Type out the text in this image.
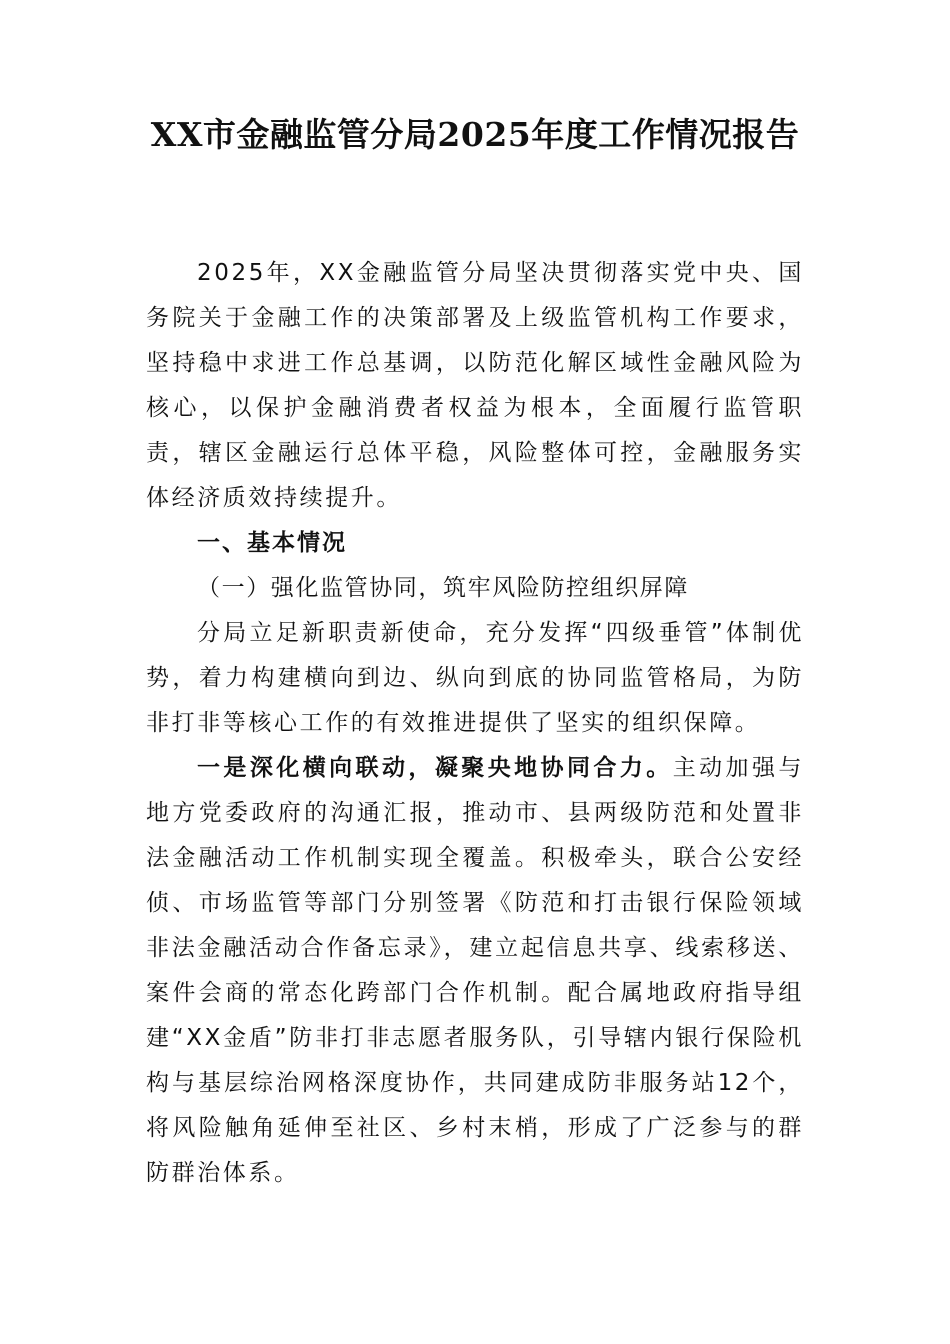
XX市金融监管分局2025年度工作情况报告

2025年，XX金融监管分局坚决贯彻落实党中央、国务院关于金融工作的决策部署及上级监管机构工作要求，坚持稳中求进工作总基调，以防范化解区域性金融风险为核心，以保护金融消费者权益为根本，全面履行监管职责，辖区金融运行总体平稳，风险整体可控，金融服务实体经济质效持续提升。

一、基本情况

（一）强化监管协同，筑牢风险防控组织屏障

分局立足新职责新使命，充分发挥“四级垂管”体制优势，着力构建横向到边、纵向到底的协同监管格局，为防非打非等核心工作的有效推进提供了坚实的组织保障。

一是深化横向联动，凝聚央地协同合力。主动加强与地方党委政府的沟通汇报，推动市、县两级防范和处置非法金融活动工作机制实现全覆盖。积极牵头，联合公安经侦、市场监管等部门分别签署《防范和打击银行保险领域非法金融活动合作备忘录》，建立起信息共享、线索移送、案件会商的常态化跨部门合作机制。配合属地政府指导组建“XX金盾”防非打非志愿者服务队，引导辖内银行保险机构与基层综治网格深度协作，共同建成防非服务站12个，将风险触角延伸至社区、乡村末梢，形成了广泛参与的群防群治体系。
